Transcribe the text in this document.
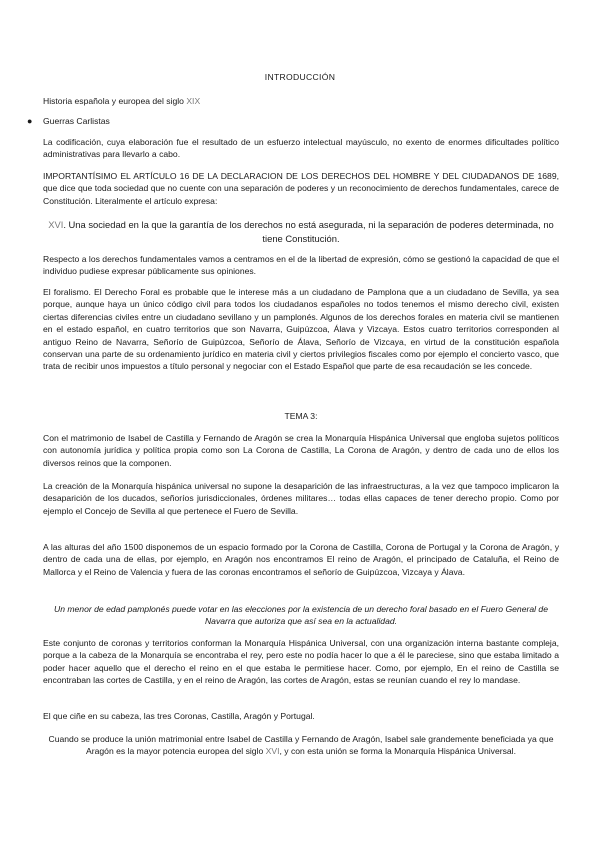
INTRODUCCIÓN
Historia española y europea del siglo XIX
● Guerras Carlistas
La codificación, cuya elaboración fue el resultado de un esfuerzo intelectual mayúsculo, no exento de enormes dificultades político administrativas para llevarlo a cabo.
IMPORTANTÍSIMO EL ARTÍCULO 16 DE LA DECLARACION DE LOS DERECHOS DEL HOMBRE Y DEL CIUDADANOS DE 1689, que dice que toda sociedad que no cuente con una separación de poderes y un reconocimiento de derechos fundamentales, carece de Constitución. Literalmente el artículo expresa:
XVI. Una sociedad en la que la garantía de los derechos no está asegurada, ni la separación de poderes determinada, no tiene Constitución.
Respecto a los derechos fundamentales vamos a centramos en el de la libertad de expresión, cómo se gestionó la capacidad de que el individuo pudiese expresar públicamente sus opiniones.
El foralismo. El Derecho Foral es probable que le interese más a un ciudadano de Pamplona que a un ciudadano de Sevilla, ya sea porque, aunque haya un único código civil para todos los ciudadanos españoles no todos tenemos el mismo derecho civil, existen ciertas diferencias civiles entre un ciudadano sevillano y un pamplonés. Algunos de los derechos forales en materia civil se mantienen en el estado español, en cuatro territorios que son Navarra, Guipúzcoa, Álava y Vizcaya. Estos cuatro territorios corresponden al antiguo Reino de Navarra, Señorío de Guipúzcoa, Señorío de Álava, Señorío de Vizcaya, en virtud de la constitución española conservan una parte de su ordenamiento jurídico en materia civil y ciertos privilegios fiscales como por ejemplo el concierto vasco, que trata de recibir unos impuestos a título personal y negociar con el Estado Español que parte de esa recaudación se les concede.
TEMA 3:
Con el matrimonio de Isabel de Castilla y Fernando de Aragón se crea la Monarquía Hispánica Universal que engloba sujetos políticos con autonomía jurídica y política propia como son La Corona de Castilla, La Corona de Aragón, y dentro de cada uno de ellos los diversos reinos que la componen.
La creación de la Monarquía hispánica universal no supone la desaparición de las infraestructuras, a la vez que tampoco implicaron la desaparición de los ducados, señoríos jurisdiccionales, órdenes militares… todas ellas capaces de tener derecho propio. Como por ejemplo el Concejo de Sevilla al que pertenece el Fuero de Sevilla.
A las alturas del año 1500 disponemos de un espacio formado por la Corona de Castilla, Corona de Portugal y la Corona de Aragón, y dentro de cada una de ellas, por ejemplo, en Aragón nos encontramos El reino de Aragón, el principado de Cataluña, el Reino de Mallorca y el Reino de Valencia y fuera de las coronas encontramos el señorío de Guipúzcoa, Vizcaya y Álava.
Un menor de edad pamplonés puede votar en las elecciones por la existencia de un derecho foral basado en el Fuero General de Navarra que autoriza que así sea en la actualidad.
Este conjunto de coronas y territorios conforman la Monarquía Hispánica Universal, con una organización interna bastante compleja, porque a la cabeza de la Monarquía se encontraba el rey, pero este no podía hacer lo que a él le pareciese, sino que estaba limitado a poder hacer aquello que el derecho el reino en el que estaba le permitiese hacer. Como, por ejemplo, En el reino de Castilla se encontraban las cortes de Castilla, y en el reino de Aragón, las cortes de Aragón, estas se reunían cuando el rey lo mandase.
El que ciñe en su cabeza, las tres Coronas, Castilla, Aragón y Portugal.
Cuando se produce la unión matrimonial entre Isabel de Castilla y Fernando de Aragón, Isabel sale grandemente beneficiada ya que Aragón es la mayor potencia europea del siglo XVI, y con esta unión se forma la Monarquía Hispánica Universal.
